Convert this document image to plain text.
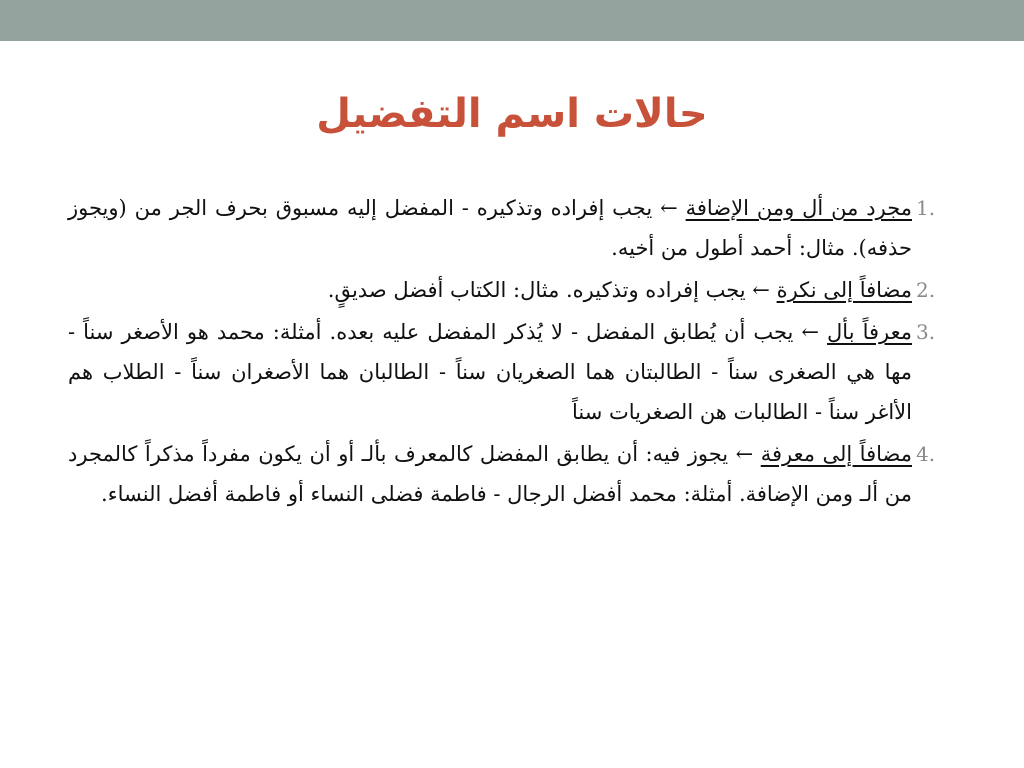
حالات اسم التفضيل
1.
مجرد من أل ومن الإضافة ← يجب إفراده وتذكيره - المفضل إليه مسبوق بحرف الجر من (ويجوز حذفه). مثال: أحمد أطول من أخيه.
2.
مضافاً إلى نكرة ← يجب إفراده وتذكيره. مثال: الكتاب أفضل صديقٍ.
3.
معرفاً بأل ← يجب أن يُطابق المفضل - لا يُذكر المفضل عليه بعده. أمثلة: محمد هو الأصغر سناً - مها هي الصغرى سناً - الطالبتان هما الصغريان سناً - الطالبان هما الأصغران سناً - الطلاب هم الأاغر سناً - الطالبات هن الصغريات سناً
4.
مضافاً إلى معرفة ← يجوز فيه: أن يطابق المفضل كالمعرف بألـ أو أن يكون مفرداً مذكراً كالمجرد من ألـ ومن الإضافة. أمثلة: محمد أفضل الرجال - فاطمة فضلى النساء أو فاطمة أفضل النساء.
